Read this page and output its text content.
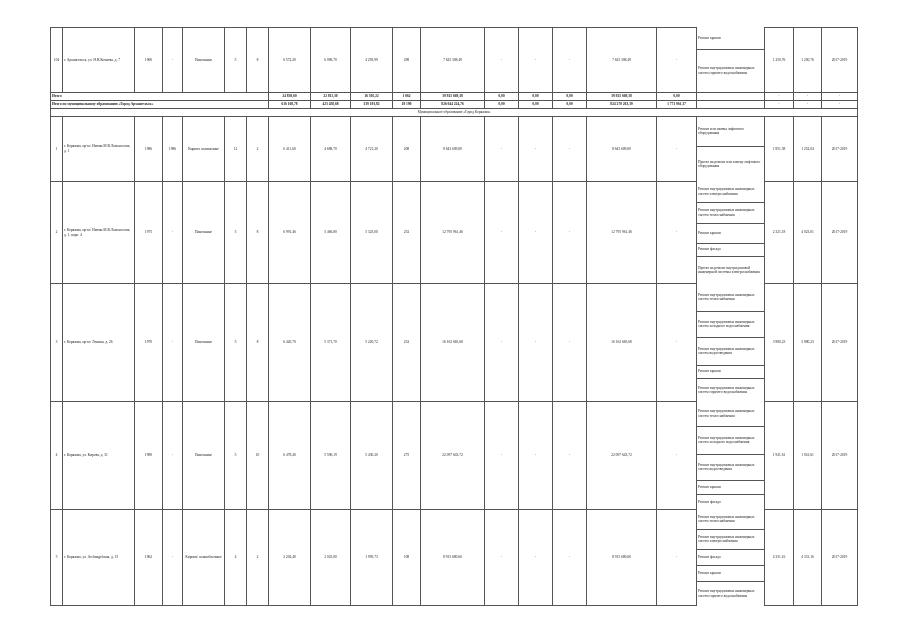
104	г. Архангельск, ул. Н.Н.Кочнева, д. 7	1960	-	Панельные	5	8	6 572,20	6 096,70	4 293,99	298	7 625 308,49	-	-	-	7 625 308,49	-	Ремонт крыши
Ремонт внутридомовых инженерных систем горячего водоснабжения	1 250,76	1 250,76	2017-2019
Итого							24 830,60	22 811,30	16 305,22	1 062	39 925 669,38	0,00	0,00	0,00	39 925 669,38	0,00		-	-	-
Итого по муниципальному образованию «Город Архангельск»							616 168,78	423 458,68	339 193,82	18 190	826 044 224,76	0,00	0,00	0,00	824 270 263,39	1 773 961,37		-	-	-
Муниципальное образование «Город Коряжма»																				
1	г. Коряжма, пр-кт. Имени М.В.Ломоносова, д. 1	1986	1986	Кирпич силикатные	12	2	6 411,60	4 688,70	4 721,20	208	8 643 609,00	-	-	-	8 643 609,00	-	Ремонт или замена лифтового оборудования
Проект на ремонт или замену лифтового оборудования	1 851,58	1 252,04	2017-2019
2	г. Коряжма, пр-кт. Имени М.В.Ломоносова, д. 1, корп. 4	1975	-	Панельные	5	8	6 991,46	5 466,80	5 325,00	252	12 795 961,46	-	-	-	12 795 961,46	-	Ремонт внутридомовых инженерных систем электроснабжения
Ремонт внутридомовых инженерных систем теплоснабжения
Ремонт крыши
Ремонт фасада
Проект на ремонт внутридомовой инженерной системы электроснабжения	2 321,18	4 023,01	2017-2019
3	г. Коряжма, пр-кт. Ленина, д. 26	1970	-	Панельные	5	8	6 420,70	5 371,70	5 220,72	232	16 162 665,68	-	-	-	16 162 665,68	-	Ремонт внутридомовых инженерных систем теплоснабжения
Ремонт внутридомовых инженерных систем холодного водоснабжения
Ремонт внутридомовых инженерных систем водоотведения
Ремонт крыши
Ремонт внутридомовых инженерных систем горячего водоснабжения	3 980,23	3 980,23	2017-2019
4	г. Коряжма, ул. Кирова, д. 31	1990	-	Панельные	5	10	6 478,40	5 596,19	5 430,20	275	22 097 643,72	-	-	-	22 097 643,72	-	Ремонт внутридомовых инженерных систем теплоснабжения
Ремонт внутридомовых инженерных систем холодного водоснабжения
Ремонт внутридомовых инженерных систем водоотведения
Ремонт крыши
Ремонт фасада	1 941,61	1 941,61	2017-2019
5	г. Коряжма, ул. Archangelская, д. 15	1962	-	Кирпич/ шлакоблочные	4	2	2 202,40	2 025,00	1 995,73	108	8 915 680,60	-	-	-	8 915 680,60	-	Ремонт внутридомовых инженерных систем теплоснабжения
Ремонт внутридомовых инженерных систем электроснабжения
Ремонт фасада
Ремонт крыши
Ремонт внутридомовых инженерных систем горячего водоснабжения	4 331,16	4 331,16	2017-2019
